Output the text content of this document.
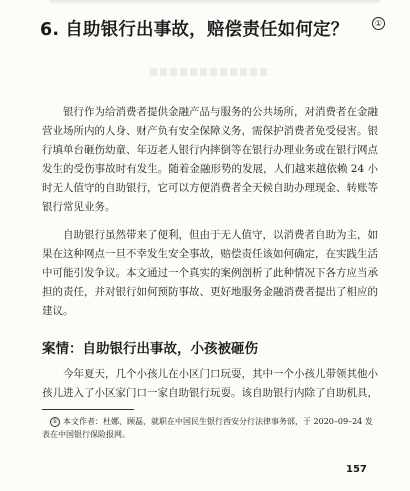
6. 自助银行出事故，赔偿责任如何定？	①

银行作为给消费者提供金融产品与服务的公共场所，对消费者在金融营业场所内的人身、财产负有安全保障义务，需保护消费者免受侵害。银行填单台砸伤幼童、年迈老人银行内摔倒等在银行办理业务或在银行网点发生的受伤事故时有发生。随着金融形势的发展，人们越来越依赖 24 小时无人值守的自助银行，它可以方便消费者全天候自助办理现金、转账等银行常见业务。

自助银行虽然带来了便利，但由于无人值守，以消费者自助为主，如果在这种网点一旦不幸发生安全事故，赔偿责任该如何确定，在实践生活中可能引发争议。本文通过一个真实的案例剖析了此种情况下各方应当承担的责任，并对银行如何预防事故、更好地服务金融消费者提出了相应的建议。

案情：自助银行出事故，小孩被砸伤

今年夏天，几个小孩儿在小区门口玩耍，其中一个小孩儿带领其他小孩儿进入了小区家门口一家自助银行玩耍。该自助银行内除了自助机具，

① 本文作者：杜娜、顾磊，就职在中国民生银行西安分行法律事务部，于 2020–09–24 发表在中国银行保险报网。
157
